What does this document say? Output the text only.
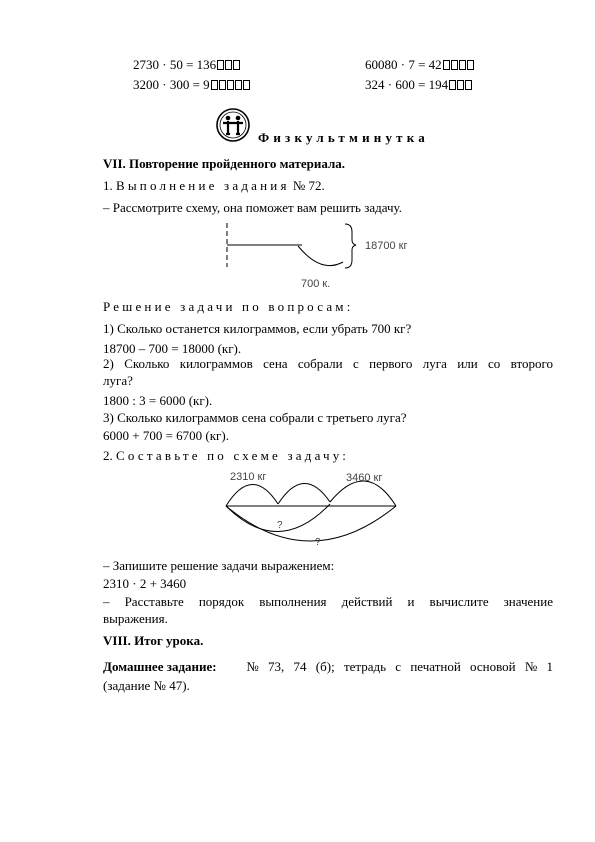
2730 · 50 = 136
3200 · 300 = 9
60080 · 7 = 42
324 · 600 = 194
Физкультминутка
VII. Повторение пройденного материала.
1. Выполнение задания № 72.
– Рассмотрите схему, она поможет вам решить задачу.
18700 кг
700 к.
Решение задачи по вопросам:
1) Сколько останется килограммов, если убрать 700 кг?
18700 – 700 = 18000 (кг).
2) Сколько килограммов сена собрали с первого луга или со второго
луга?
1800 : 3 = 6000 (кг).
3) Сколько килограммов сена собрали с третьего луга?
6000 + 700 = 6700 (кг).
2. Составьте по схеме задачу:
2310 кг	3460 кг
?
?
– Запишите решение задачи выражением:
2310 · 2 + 3460
– Расставьте порядок выполнения действий и вычислите значение
выражения.
VIII. Итог урока.
Домашнее задание: № 73, 74 (б); тетрадь с печатной основой № 1
(задание № 47).
